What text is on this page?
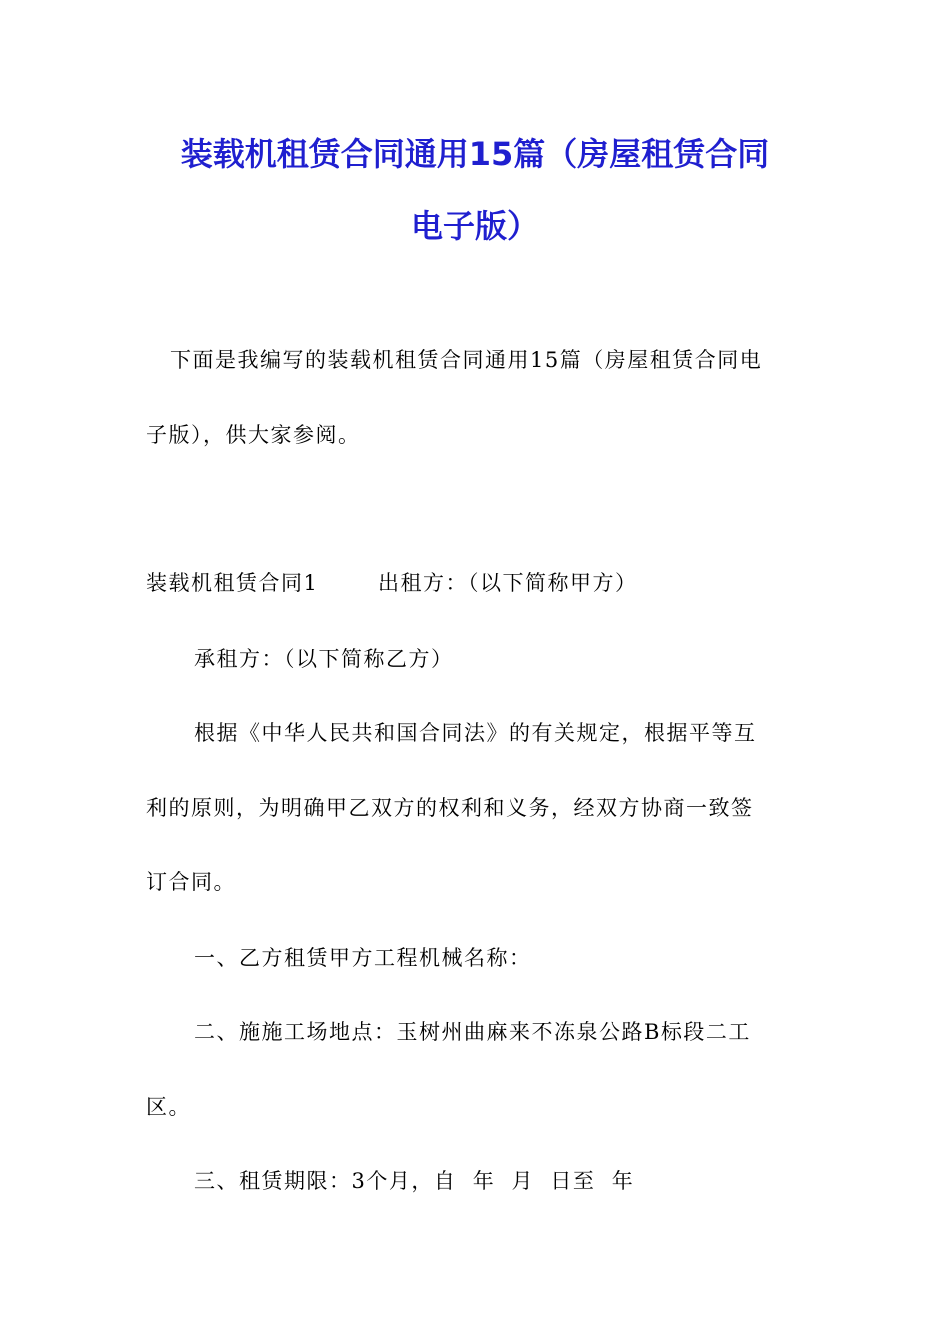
装载机租赁合同通用15篇（房屋租赁合同
电子版）
下面是我编写的装载机租赁合同通用15篇（房屋租赁合同电
子版），供大家参阅。
装载机租赁合同1	出租方：（以下简称甲方）
承租方：（以下简称乙方）
根据《中华人民共和国合同法》的有关规定，根据平等互
利的原则，为明确甲乙双方的权利和义务，经双方协商一致签
订合同。
一、乙方租赁甲方工程机械名称：
二、施施工场地点：玉树州曲麻来不冻泉公路B标段二工
区。
三、租赁期限：3个月，自  年  月  日至  年
